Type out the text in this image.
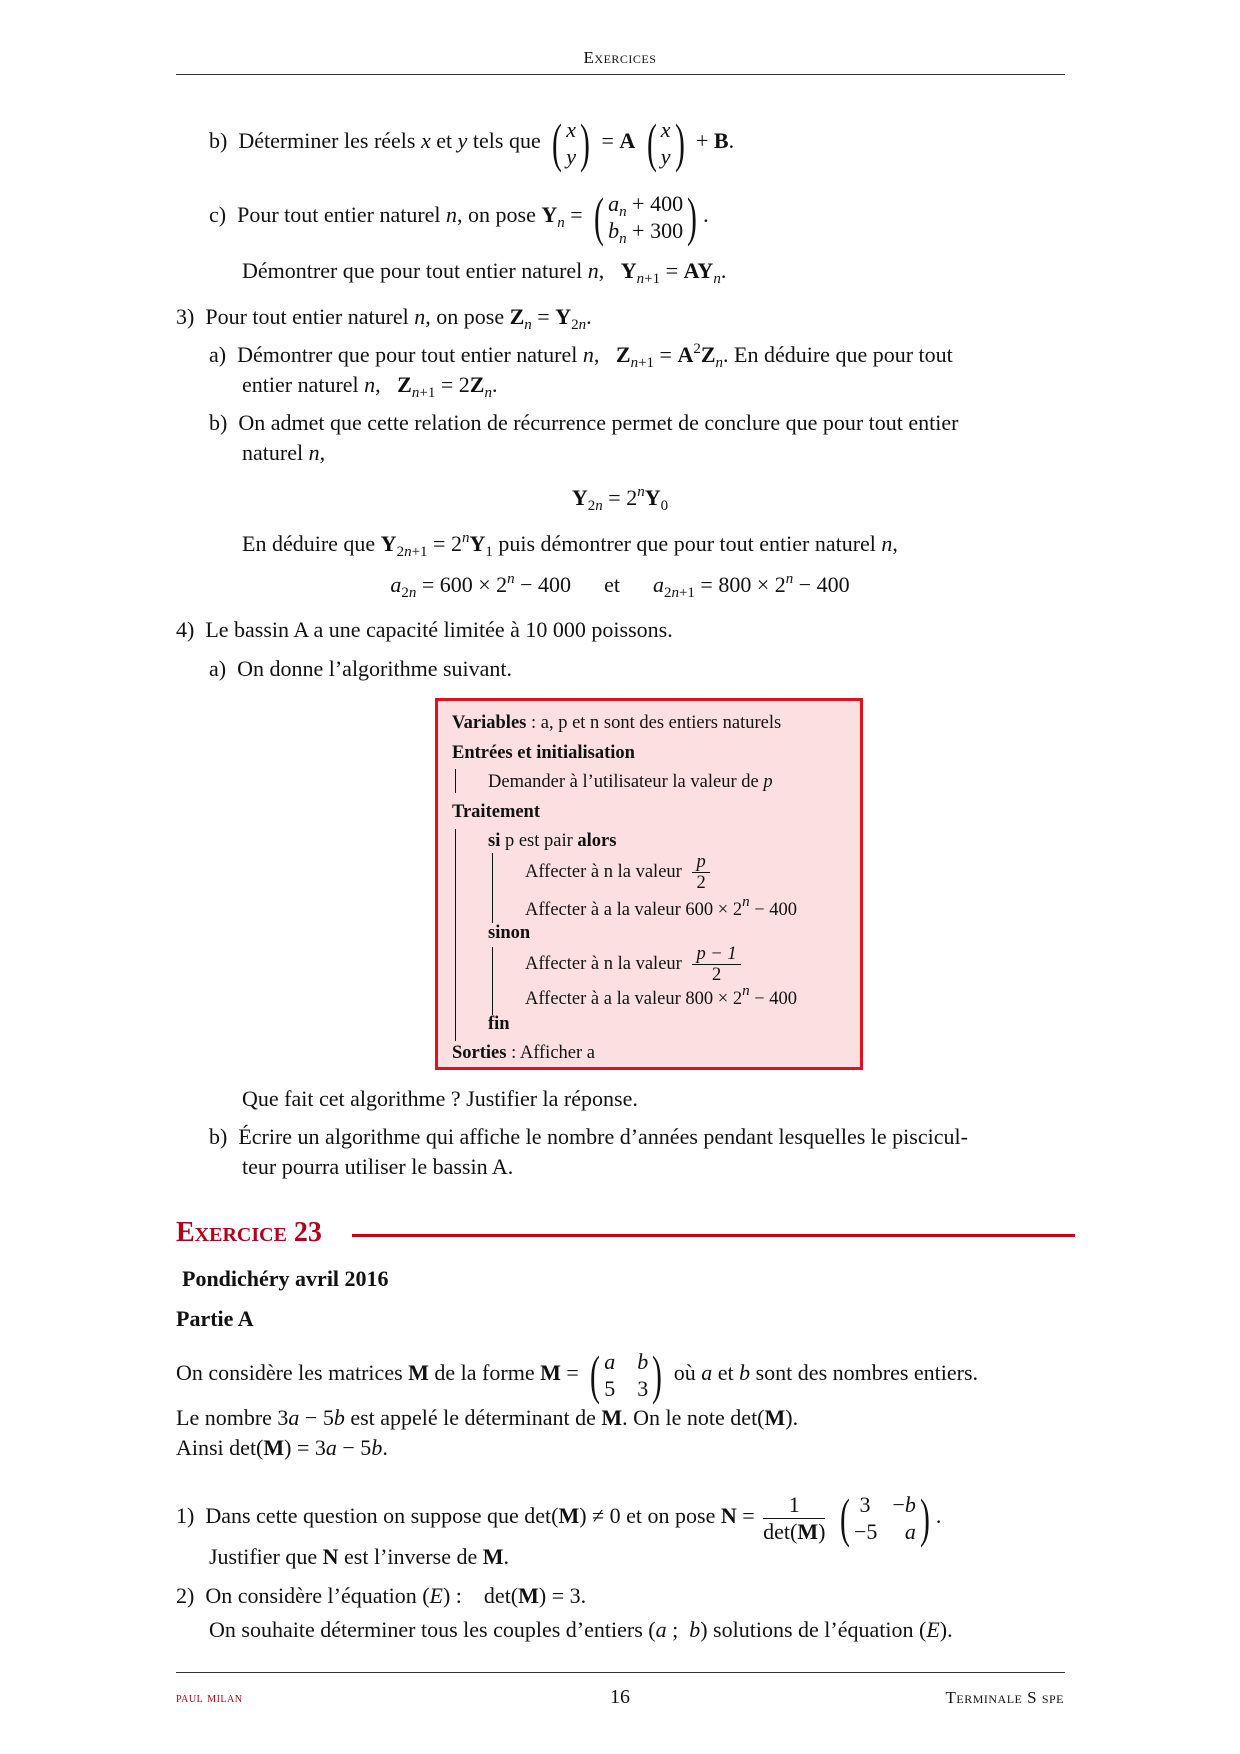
Exercices
b) Déterminer les réels x et y tels que ( x
y ) = A ( x
y ) + B.
c) Pour tout entier naturel n, on pose $Y_n$ = ( $a_n + 400$
$b_n + 300$ ) .
Démontrer que pour tout entier naturel n,   $Y_{n+1} = AY_n$.
3) Pour tout entier naturel n, on pose $Z_n = Y_{2n}$.
a) Démontrer que pour tout entier naturel n,   $Z_{n+1} = A^2Z_n$. En déduire que pour tout
entier naturel n,   $Z_{n+1} = 2Z_n$.
b) On admet que cette relation de récurrence permet de conclure que pour tout entier
naturel n,
$Y_{2n} = 2^nY_0$
En déduire que $Y_{2n+1} = 2^nY_1$ puis démontrer que pour tout entier naturel n,
$a_{2n} = 600 \times 2^n - 400$      et $a_{2n+1} = 800 \times 2^n - 400$
4) Le bassin A a une capacité limitée à 10 000 poissons.
a) On donne l’algorithme suivant.
Variables : a, p et n sont des entiers naturels
Entrées et initialisation
Demander à l’utilisateur la valeur de p
Traitement
si p est pair alors
Affecter à n la valeur $\frac{p}{2}$
Affecter à a la valeur $600 \times 2^n - 400$
sinon
Affecter à n la valeur $\frac{p - 1}{2}$
Affecter à a la valeur $800 \times 2^n - 400$
fin
Sorties : Afficher a
Que fait cet algorithme ? Justifier la réponse.
b) Écrire un algorithme qui affiche le nombre d’années pendant lesquelles le piscicul-
teur pourra utiliser le bassin A.
Exercice 23
Pondichéry avril 2016
Partie A
On considère les matrices M de la forme M = ( a b
5 3 ) où a et b sont des nombres entiers.
Le nombre 3a − 5b est appelé le déterminant de M. On le note det(M).
Ainsi det(M) = 3a − 5b.
1) Dans cette question on suppose que det(M) ≠ 0 et on pose $N = \frac{1}{\det(M)}$
( 3 −b
−5 a ) .
Justifier que N est l’inverse de M.
2)  On considère l’équation (E) :    det(M) = 3.
On souhaite déterminer tous les couples d’entiers (a ;  b) solutions de l’équation (E).
paul milan	16	Terminale S spe
